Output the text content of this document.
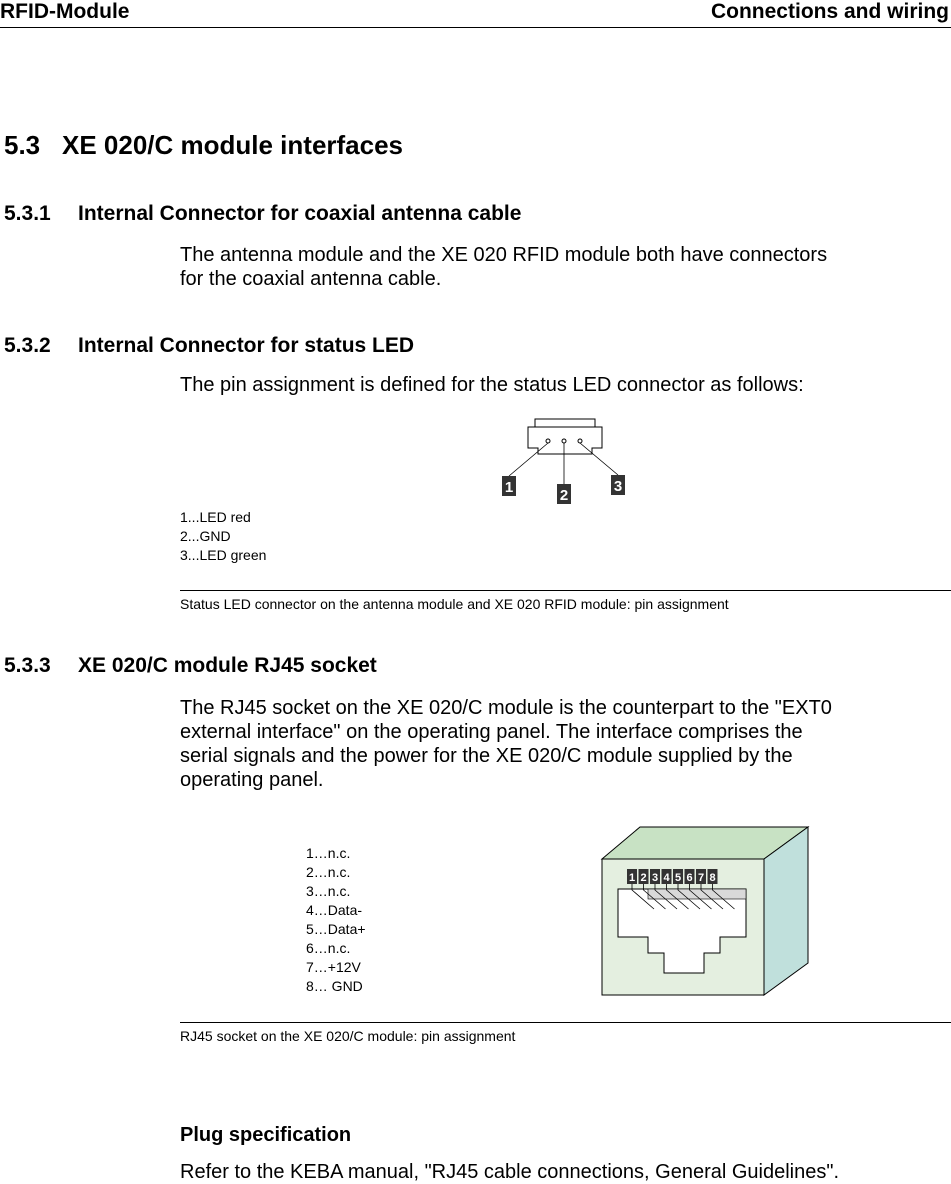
RFID-Module	Connections and wiring
5.3 XE 020/C module interfaces
5.3.1 Internal Connector for coaxial antenna cable
The antenna module and the XE 020 RFID module both have connectors
for the coaxial antenna cable.
5.3.2 Internal Connector for status LED
The pin assignment is defined for the status LED connector as follows:
1	2
3
1...LED red
2...GND
3...LED green
Status LED connector on the antenna module and XE 020 RFID module: pin assignment
5.3.3 XE 020/C module RJ45 socket
The RJ45 socket on the XE 020/C module is the counterpart to the "EXT0
external interface" on the operating panel. The interface comprises the
serial signals and the power for the XE 020/C module supplied by the
operating panel.
1…n.c.
2…n.c.
3…n.c.
4…Data-
5…Data+
6…n.c.
7…+12V
8… GND
1 2 3 4 5 6 7 8
RJ45 socket on the XE 020/C module: pin assignment
Plug specification
Refer to the KEBA manual, "RJ45 cable connections, General Guidelines".
